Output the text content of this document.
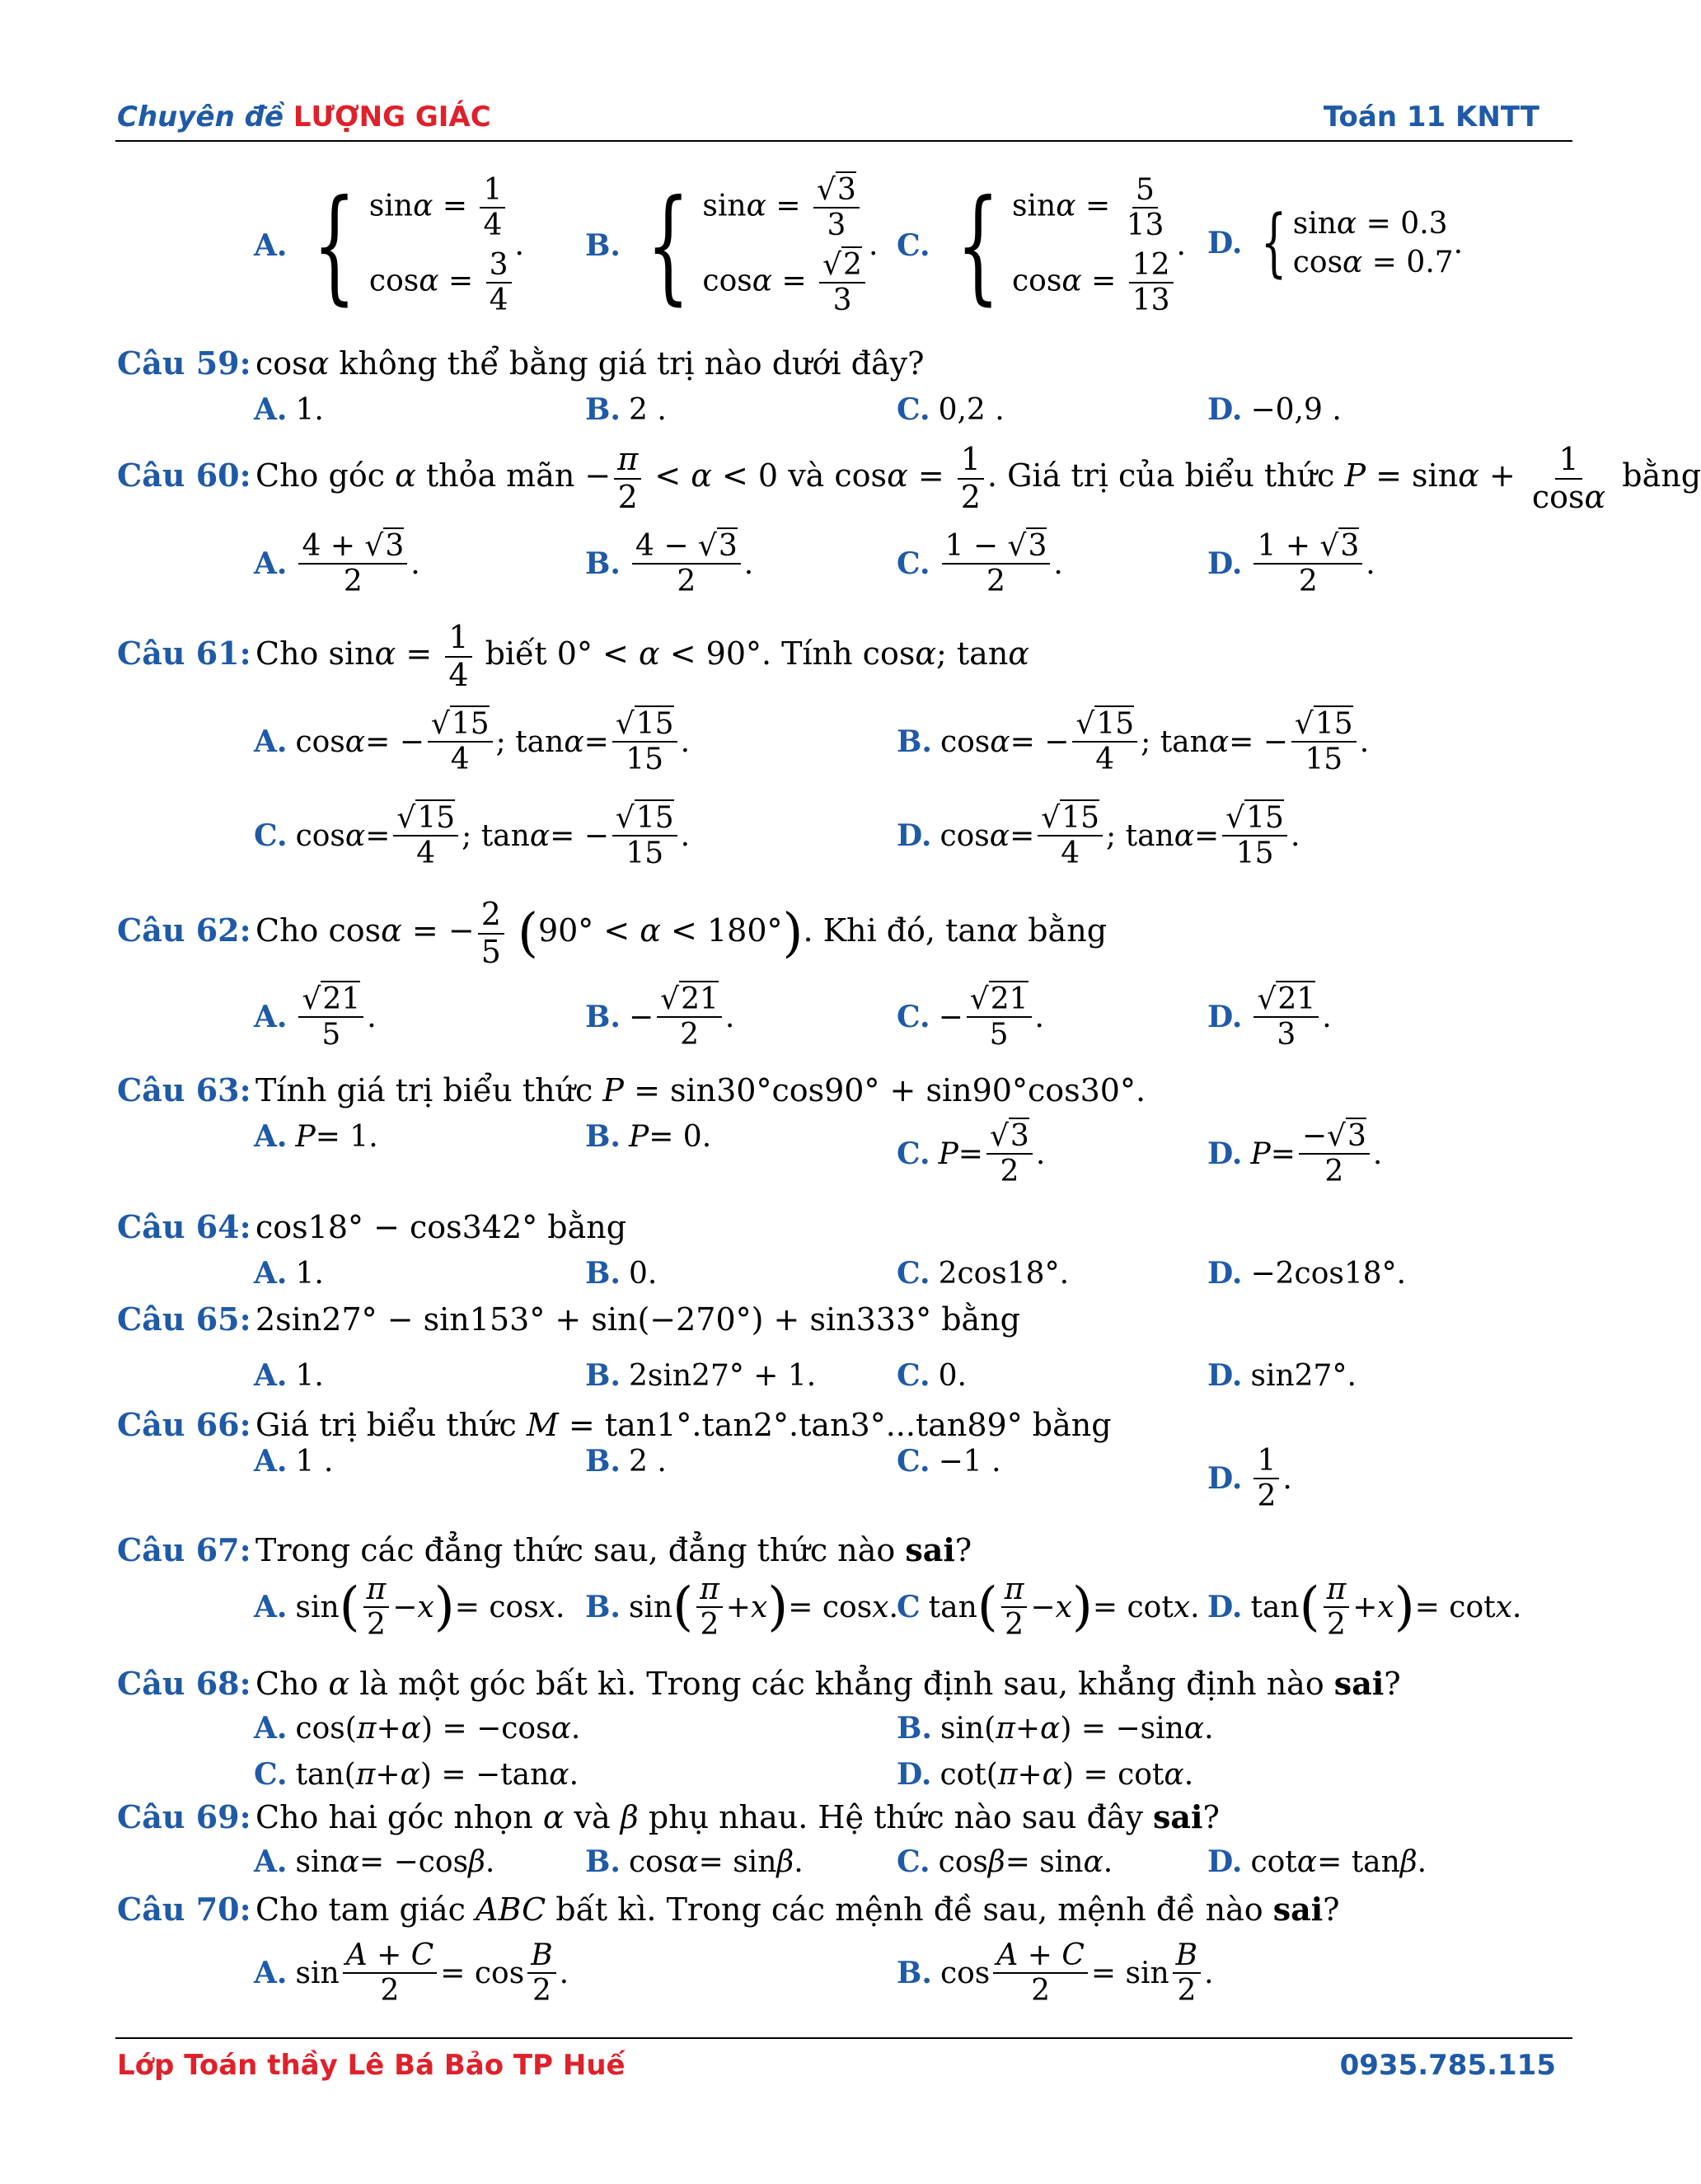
Chuyên đề LƯỢNG GIÁC	Toán 11 KNTT
A. { $\sin\alpha = \frac{1}{4}$
$\cos\alpha = \frac{3}{4}$
. B. { $\sin\alpha = \frac{√3}{3}$
$\cos\alpha = \frac{√2}{3}$
. C. { $\sin\alpha = \frac{5}{13}$
$\cos\alpha = \frac{12}{13}$
. D. { sinα = 0.3
cosα = 0.7
.
Câu 59: cosα không thể bằng giá trị nào dưới đây?
A. 1.	B. 2 .	C. 0,2 .	D. −0,9 .
Câu 60: Cho góc α thỏa mãn − $\frac{\pi}{2} < \alpha < 0$ và $\cos\alpha = \frac{1}{2}$ . Giá trị của biểu thức $P = \sin\alpha + \frac{1}{\cos\alpha}$ bằng
A. $\frac{4 + √3}{2}$ .	B. $\frac{4 - √3}{2}$ .	C. $\frac{1 - √3}{2}$ .	D. $\frac{1 + √3}{2}$ .
Câu 61: Cho $\sin\alpha = \frac{1}{4}$ biết 0° < α < 90°. Tính cosα; tanα
A. cos α = − $\frac{√15}{4}$ ; $\tan \alpha = \frac{√15}{15}$ .	B. cos α = − $\frac{√15}{4}$ ; tan α = − $\frac{√15}{15}$ .
C. $\cos \alpha = \frac{√15}{4}$ ; tan α = − $\frac{√15}{15}$ .	D. $\cos \alpha = \frac{√15}{4}$ ; $\tan \alpha = \frac{√15}{15}$ .
Câu 62: Cho cosα = − $\frac{2}{5} (90^\circ < \alpha < 180^\circ)$. Khi đó, tanα bằng
A. $\frac{√21}{5}$ .	B. − $\frac{√21}{2}$ .	C. − $\frac{√21}{5}$ .	D. $\frac{√21}{3}$ .
Câu 63: Tính giá trị biểu thức P = sin30°cos90° + sin90°cos30°.
A. P = 1.	B. P = 0.
C. $P = \frac{√3}{2}$ .	D. $P = \frac{-√3}{2}$ .
Câu 64: cos18° − cos342° bằng
A. 1.	B. 0.	C. 2cos18°.	D. −2cos18°.
Câu 65: 2sin27° − sin153° + sin(−270°) + sin333° bằng
A. 1.	B. 2sin27° + 1.	C. 0.	D. sin27°.
Câu 66: Giá trị biểu thức M = tan1°.tan2°.tan3°...tan89° bằng
A. 1 .	B. 2 .	C. −1 .
D. $\frac{1}{2}$ .
Câu 67: Trong các đẳng thức sau, đẳng thức nào sai?
A. sin ( $\frac{\pi}{2} - x$ ) = cos x . B. sin ( $\frac{\pi}{2} + x$ ) = cos x .
C tan ( $\frac{\pi}{2} - x$ ) = cot x . D. tan ( $\frac{\pi}{2} + x$ ) = cot x .
Câu 68: Cho α là một góc bất kì. Trong các khẳng định sau, khẳng định nào sai?
A. cos( π + α ) = −cos α .	B. sin( π + α ) = −sin α .
C. tan( π + α ) = −tan α .	D. cot( π + α ) = cot α .
Câu 69: Cho hai góc nhọn α và β phụ nhau. Hệ thức nào sau đây sai?
A. sin α = −cos β .	B. cos α = sin β .	C. cos β = sin α .	D. cot α = tan β .
Câu 70: Cho tam giác ABC bất kì. Trong các mệnh đề sau, mệnh đề nào sai?
A. $\sin \frac{A + C}{2} = \cos \frac{B}{2}$ .	B. $\cos \frac{A + C}{2} = \sin \frac{B}{2}$ .
Lớp Toán thầy Lê Bá Bảo TP Huế	0935.785.115
